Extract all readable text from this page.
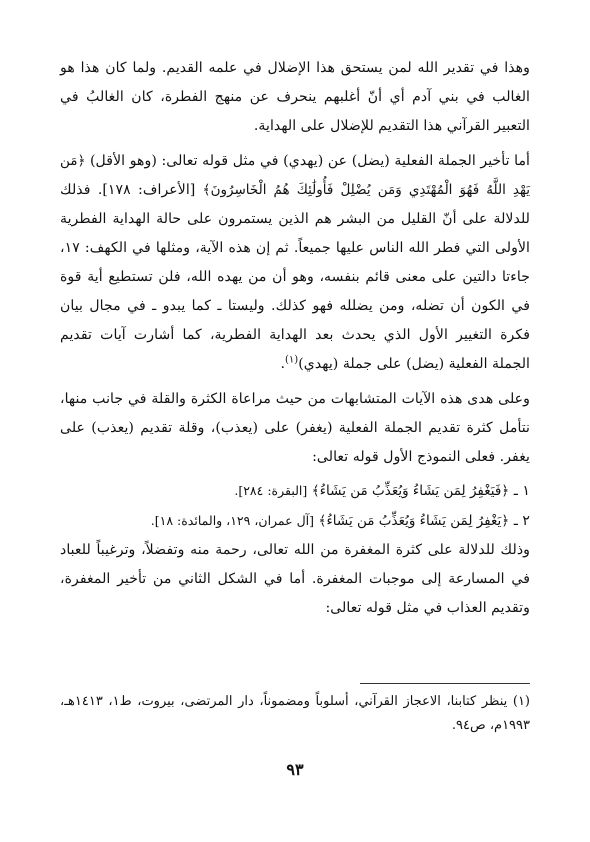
وهذا في تقدير الله لمن يستحق هذا الإضلال في علمه القديم. ولما كان هذا هو الغالب في بني آدم أي أنّ أغلبهم ينحرف عن منهج الفطرة، كان الغالبُ في التعبير القرآني هذا التقديم للإضلال على الهداية.

أما تأخير الجملة الفعلية (يضل) عن (يهدي) في مثل قوله تعالى: (وهو الأقل) ﴿مَن يَهْدِ اللَّهُ فَهُوَ الْمُهْتَدِي وَمَن يُضْلِلْ فَأُولَٰئِكَ هُمُ الْخَاسِرُونَ﴾ [الأعراف: ١٧٨]. فذلك للدلالة على أنّ القليل من البشر هم الذين يستمرون على حالة الهداية الفطرية الأولى التي فطر الله الناس عليها جميعاً. ثم إن هذه الآية، ومثلها في الكهف: ١٧، جاءتا دالتين على معنى قائم بنفسه، وهو أن من يهده الله، فلن تستطيع أية قوة في الكون أن تضله، ومن يضلله فهو كذلك. وليستا ـ كما يبدو ـ في مجال بيان فكرة التغيير الأول الذي يحدث بعد الهداية الفطرية، كما أشارت آيات تقديم الجملة الفعلية (يضل) على جملة (يهدي)$^{(١)}$.

وعلى هدى هذه الآيات المتشابهات من حيث مراعاة الكثرة والقلة في جانب منها، نتأمل كثرة تقديم الجملة الفعلية (يغفر) على (يعذب)، وقلة تقديم (يعذب) على يغفر. فعلى النموذج الأول قوله تعالى:

١ ـ ﴿فَيَغْفِرُ لِمَن يَشَاءُ وَيُعَذِّبُ مَن يَشَاءُ﴾ [البقرة: ٢٨٤].

٢ ـ ﴿يَغْفِرُ لِمَن يَشَاءُ وَيُعَذِّبُ مَن يَشَاءُ﴾ [آل عمران، ١٢٩، والمائدة: ١٨].

وذلك للدلالة على كثرة المغفرة من الله تعالى، رحمة منه وتفضلاً، وترغيباً للعباد في المسارعة إلى موجبات المغفرة. أما في الشكل الثاني من تأخير المغفرة، وتقديم العذاب في مثل قوله تعالى:

(١) ينظر كتابنا، الاعجاز القرآني، أسلوباً ومضموناً، دار المرتضى، بيروت، ط١، ١٤١٣هـ، ١٩٩٣م، ص٩٤.

٩٣
